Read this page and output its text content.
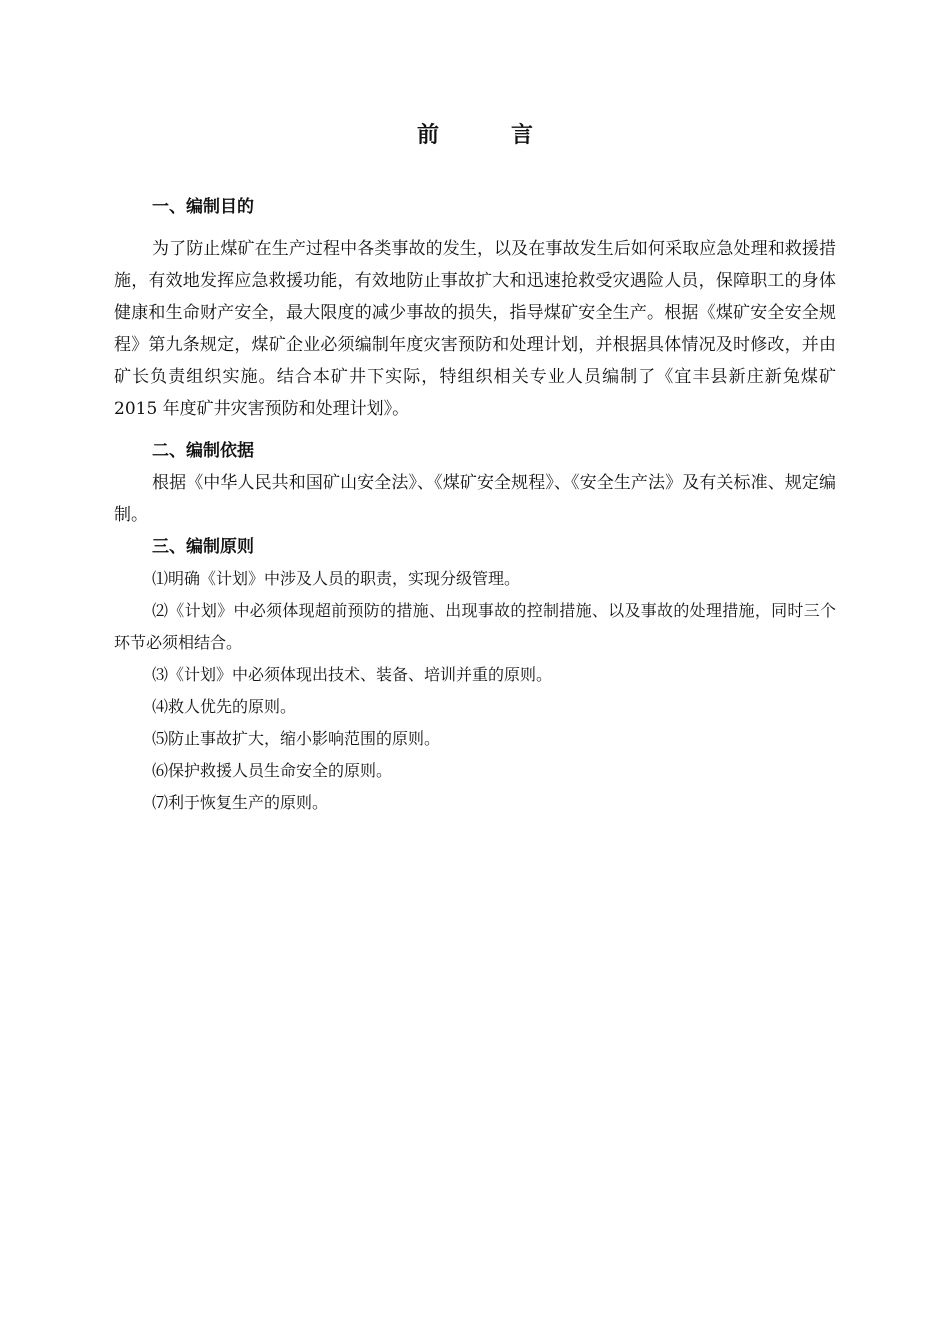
前	言

一、编制目的

为了防止煤矿在生产过程中各类事故的发生，以及在事故发生后如何采取应急处理和救援措施，有效地发挥应急救援功能，有效地防止事故扩大和迅速抢救受灾遇险人员，保障职工的身体健康和生命财产安全，最大限度的减少事故的损失，指导煤矿安全生产。根据《煤矿安全安全规程》第九条规定，煤矿企业必须编制年度灾害预防和处理计划，并根据具体情况及时修改，并由矿长负责组织实施。结合本矿井下实际，特组织相关专业人员编制了《宜丰县新庄新兔煤矿 2015 年度矿井灾害预防和处理计划》。

二、编制依据

根据《中华人民共和国矿山安全法》、《煤矿安全规程》、《安全生产法》及有关标准、规定编制。

三、编制原则

⑴明确《计划》中涉及人员的职责，实现分级管理。

⑵《计划》中必须体现超前预防的措施、出现事故的控制措施、以及事故的处理措施，同时三个环节必须相结合。

⑶《计划》中必须体现出技术、装备、培训并重的原则。

⑷救人优先的原则。

⑸防止事故扩大，缩小影响范围的原则。

⑹保护救援人员生命安全的原则。

⑺利于恢复生产的原则。
